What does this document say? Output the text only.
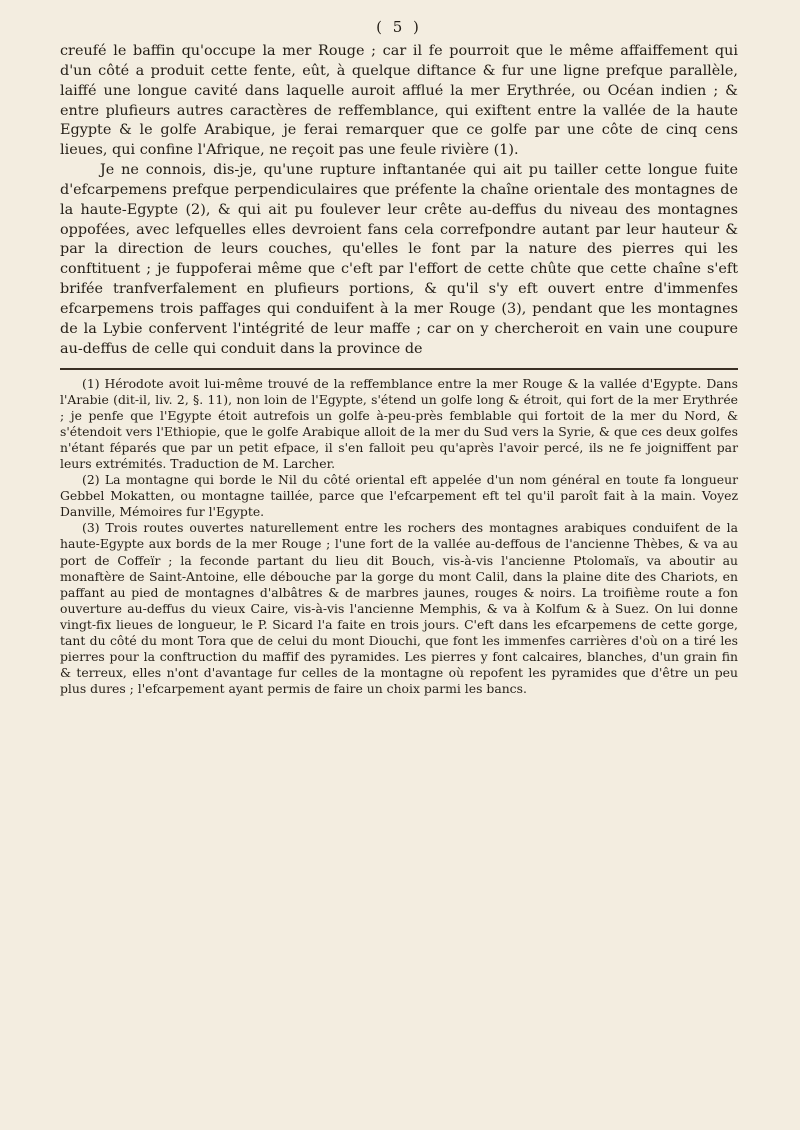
( 5 )

creufé le baffin qu'occupe la mer Rouge ; car il fe pourroit que le même affaiffement qui d'un côté a produit cette fente, eût, à quelque diftance & fur une ligne prefque parallèle, laiffé une longue cavité dans laquelle auroit afflué la mer Erythrée, ou Océan indien ; & entre plufieurs autres caractères de reffemblance, qui exiftent entre la vallée de la haute Egypte & le golfe Arabique, je ferai remarquer que ce golfe par une côte de cinq cens lieues, qui confine l'Afrique, ne reçoit pas une feule rivière (1).

Je ne connois, dis-je, qu'une rupture inftantanée qui ait pu tailler cette longue fuite d'efcarpemens prefque perpendiculaires que préfente la chaîne orientale des montagnes de la haute-Egypte (2), & qui ait pu foulever leur crête au-deffus du niveau des montagnes oppofées, avec lefquelles elles devroient fans cela correfpondre autant par leur hauteur & par la direction de leurs couches, qu'elles le font par la nature des pierres qui les conftituent ; je fuppoferai même que c'eft par l'effort de cette chûte que cette chaîne s'eft brifée tranfverfalement en plufieurs portions, & qu'il s'y eft ouvert entre d'immenfes efcarpemens trois paffages qui conduifent à la mer Rouge (3), pendant que les montagnes de la Lybie confervent l'intégrité de leur maffe ; car on y chercheroit en vain une coupure au-deffus de celle qui conduit dans la province de

(1) Hérodote avoit lui-même trouvé de la reffemblance entre la mer Rouge & la vallée d'Egypte. Dans l'Arabie (dit-il, liv. 2, §. 11), non loin de l'Egypte, s'étend un golfe long & étroit, qui fort de la mer Erythrée ; je penfe que l'Egypte étoit autrefois un golfe à-peu-près femblable qui fortoit de la mer du Nord, & s'étendoit vers l'Ethiopie, que le golfe Arabique alloit de la mer du Sud vers la Syrie, & que ces deux golfes n'étant féparés que par un petit efpace, il s'en falloit peu qu'après l'avoir percé, ils ne fe joigniffent par leurs extrémités. Traduction de M. Larcher.

(2) La montagne qui borde le Nil du côté oriental eft appelée d'un nom général en toute fa longueur Gebbel Mokatten, ou montagne taillée, parce que l'efcarpement eft tel qu'il paroît fait à la main. Voyez Danville, Mémoires fur l'Egypte.

(3) Trois routes ouvertes naturellement entre les rochers des montagnes arabiques conduifent de la haute-Egypte aux bords de la mer Rouge ; l'une fort de la vallée au-deffous de l'ancienne Thèbes, & va au port de Coffeïr ; la feconde partant du lieu dit Bouch, vis-à-vis l'ancienne Ptolomaïs, va aboutir au monaftère de Saint-Antoine, elle débouche par la gorge du mont Calil, dans la plaine dite des Chariots, en paffant au pied de montagnes d'albâtres & de marbres jaunes, rouges & noirs. La troifième route a fon ouverture au-deffus du vieux Caire, vis-à-vis l'ancienne Memphis, & va à Kolfum & à Suez. On lui donne vingt-fix lieues de longueur, le P. Sicard l'a faite en trois jours. C'eft dans les efcarpemens de cette gorge, tant du côté du mont Tora que de celui du mont Diouchi, que font les immenfes carrières d'où on a tiré les pierres pour la conftruction du maffif des pyramides. Les pierres y font calcaires, blanches, d'un grain fin & terreux, elles n'ont d'avantage fur celles de la montagne où repofent les pyramides que d'être un peu plus dures ; l'efcarpement ayant permis de faire un choix parmi les bancs.
